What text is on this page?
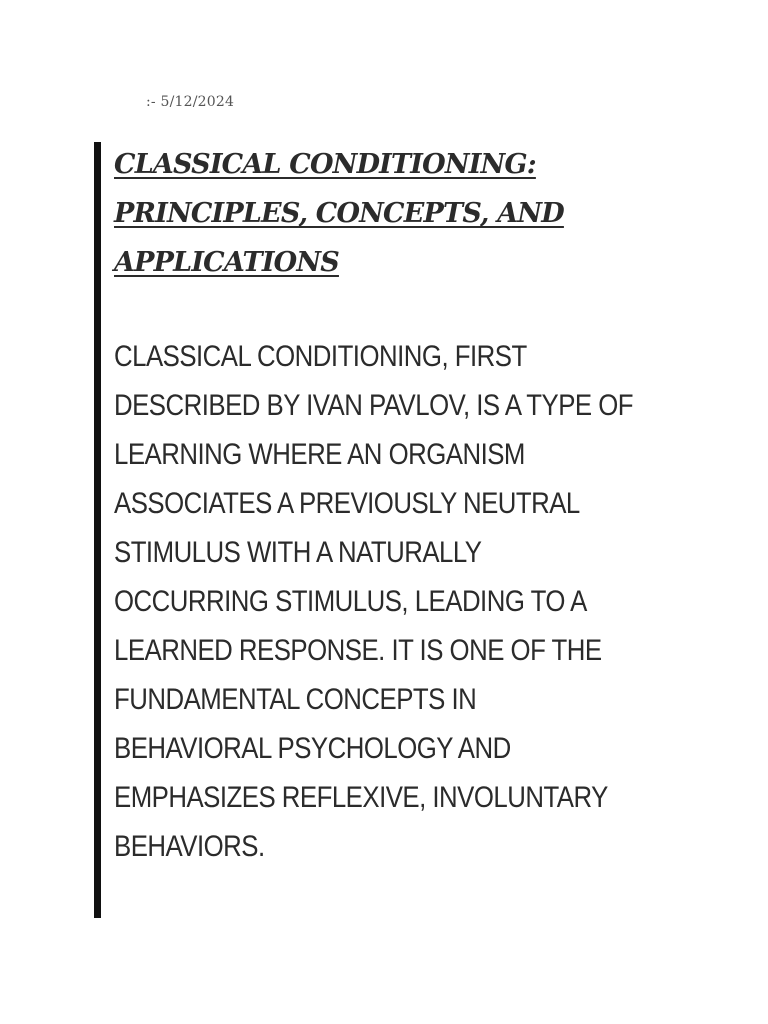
:- 5/12/2024
CLASSICAL CONDITIONING: PRINCIPLES, CONCEPTS, AND APPLICATIONS

CLASSICAL CONDITIONING, FIRST DESCRIBED BY IVAN PAVLOV, IS A TYPE OF LEARNING WHERE AN ORGANISM ASSOCIATES A PREVIOUSLY NEUTRAL STIMULUS WITH A NATURALLY OCCURRING STIMULUS, LEADING TO A LEARNED RESPONSE. IT IS ONE OF THE FUNDAMENTAL CONCEPTS IN BEHAVIORAL PSYCHOLOGY AND EMPHASIZES REFLEXIVE, INVOLUNTARY BEHAVIORS.
